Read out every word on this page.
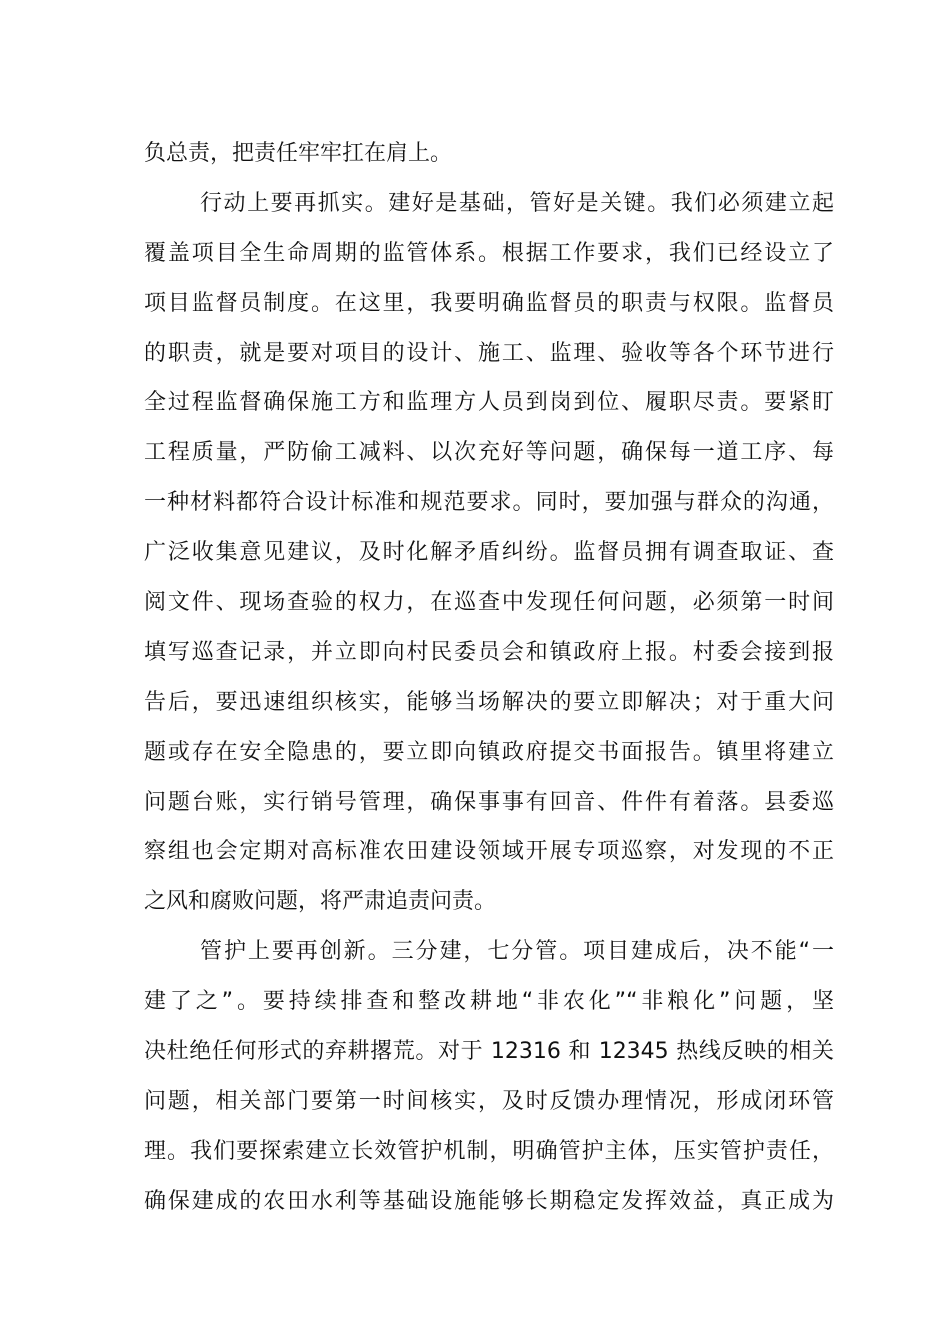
负总责，把责任牢牢扛在肩上。
行动上要再抓实。建好是基础，管好是关键。我们必须建立起
覆盖项目全生命周期的监管体系。根据工作要求，我们已经设立了
项目监督员制度。在这里，我要明确监督员的职责与权限。监督员
的职责，就是要对项目的设计、施工、监理、验收等各个环节进行
全过程监督确保施工方和监理方人员到岗到位、履职尽责。要紧盯
工程质量，严防偷工减料、以次充好等问题，确保每一道工序、每
一种材料都符合设计标准和规范要求。同时，要加强与群众的沟通，
广泛收集意见建议，及时化解矛盾纠纷。监督员拥有调查取证、查
阅文件、现场查验的权力，在巡查中发现任何问题，必须第一时间
填写巡查记录，并立即向村民委员会和镇政府上报。村委会接到报
告后，要迅速组织核实，能够当场解决的要立即解决；对于重大问
题或存在安全隐患的，要立即向镇政府提交书面报告。镇里将建立
问题台账，实行销号管理，确保事事有回音、件件有着落。县委巡
察组也会定期对高标准农田建设领域开展专项巡察，对发现的不正
之风和腐败问题，将严肃追责问责。
管护上要再创新。三分建，七分管。项目建成后，决不能“一
建了之”。要持续排查和整改耕地“非农化”“非粮化”问题，坚
决杜绝任何形式的弃耕撂荒。对于 12316 和 12345 热线反映的相关
问题，相关部门要第一时间核实，及时反馈办理情况，形成闭环管
理。我们要探索建立长效管护机制，明确管护主体，压实管护责任，
确保建成的农田水利等基础设施能够长期稳定发挥效益，真正成为
